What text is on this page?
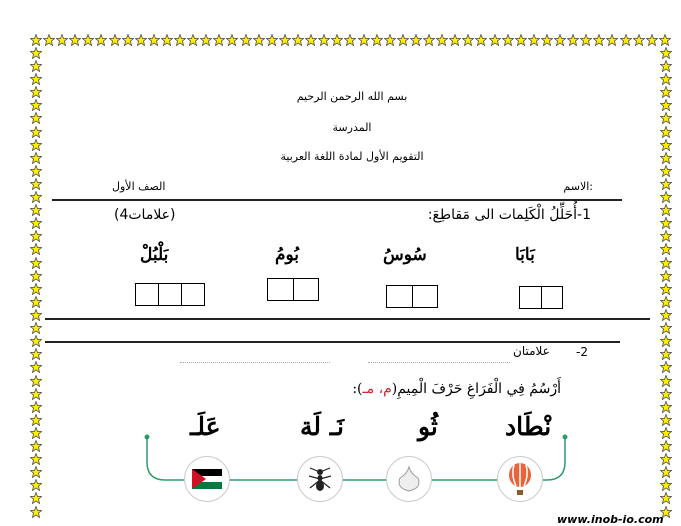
بسم الله الرحمن الرحيم
المدرسة
التقويم الأول لمادة اللغة العربية
الاسم:
الصف الأول
1-أُحَلِّلُ الْكَلِمات الى مَقاطِعَ:
(4علامات)
بَلْبُلْ	بُومُ	سُوسُ	بَابَا
-2
علامتان
أَرْسُمُ فِي الْفَرَاغِ حَرْفَ الْمِيمِ(م، مـ):
عَلَـ	نَـ لَة	ثُو	نْطَاد
www.inob-io.com
